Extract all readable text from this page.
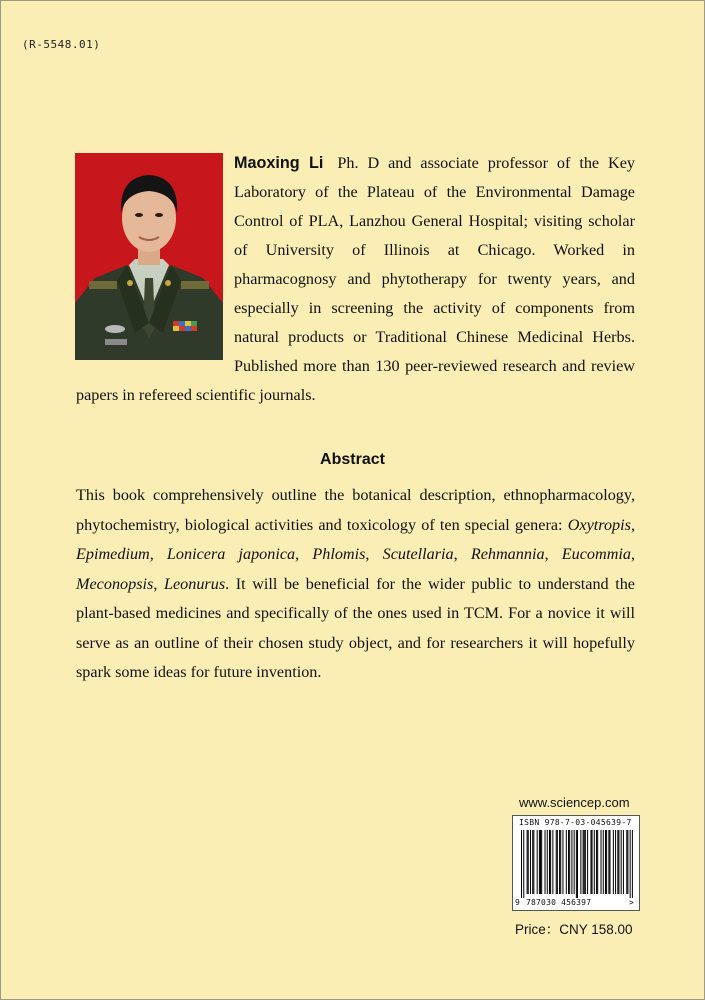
(R-5548.01)
Maoxing Li Ph. D and associate professor of the Key Laboratory of the Plateau of the Environmental Damage Control of PLA, Lanzhou General Hospital; visiting scholar of University of Illinois at Chicago. Worked in pharmacognosy and phytotherapy for twenty years, and especially in screening the activity of components from natural products or Traditional Chinese Medicinal Herbs. Published more than 130 peer-reviewed research and review papers in refereed scientific journals.
Abstract
This book comprehensively outline the botanical description, ethnopharmacology, phytochemistry, biological activities and toxicology of ten special genera: Oxytropis, Epimedium, Lonicera japonica, Phlomis, Scutellaria, Rehmannia, Eucommia, Meconopsis, Leonurus. It will be beneficial for the wider public to understand the plant-based medicines and specifically of the ones used in TCM. For a novice it will serve as an outline of their chosen study object, and for researchers it will hopefully spark some ideas for future invention.
www.sciencep.com
ISBN 978-7-03-045639-7
9 787030 456397	>
Price：CNY 158.00
